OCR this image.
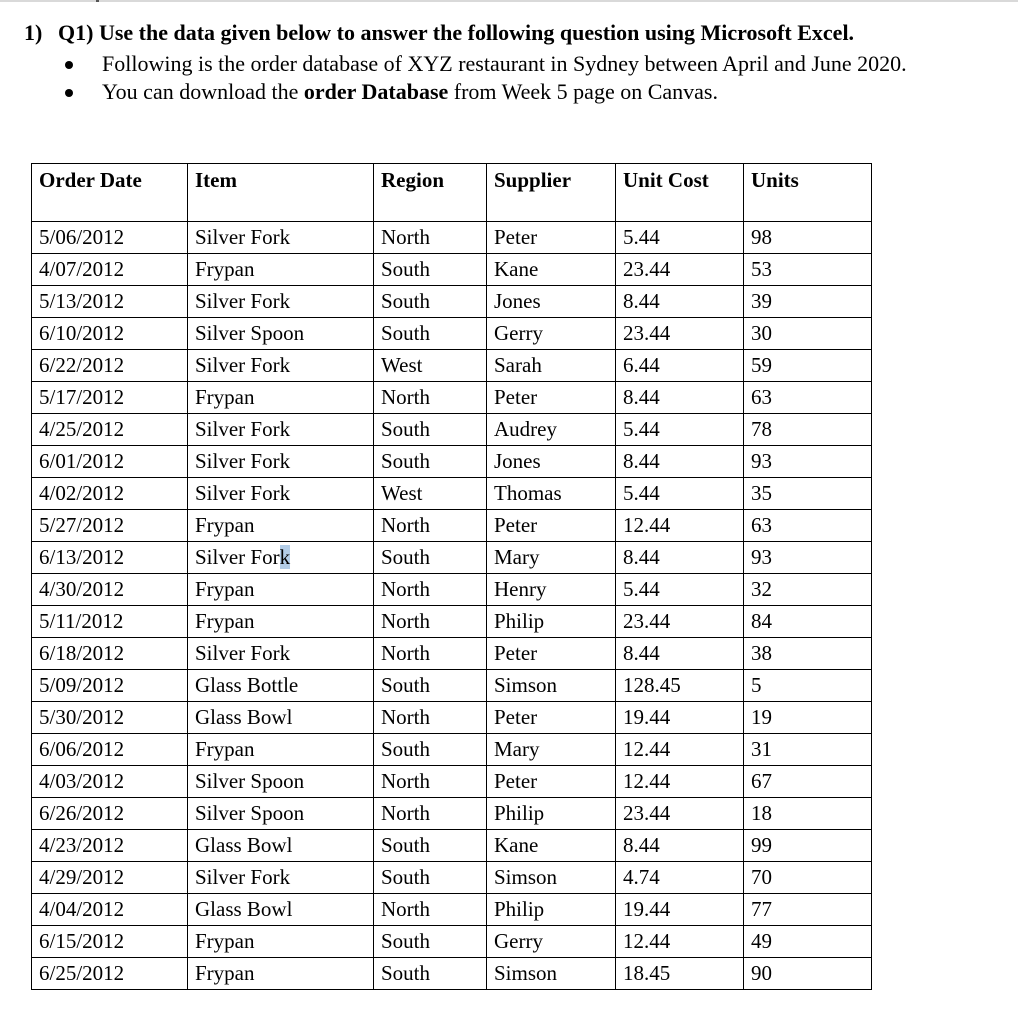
1) Q1) Use the data given below to answer the following question using Microsoft Excel.
Following is the order database of XYZ restaurant in Sydney between April and June 2020.
You can download the order Database from Week 5 page on Canvas.
Order Date	Item	Region	Supplier	Unit Cost	Units
5/06/2012	Silver Fork	North	Peter	5.44	98
4/07/2012	Frypan	South	Kane	23.44	53
5/13/2012	Silver Fork	South	Jones	8.44	39
6/10/2012	Silver Spoon	South	Gerry	23.44	30
6/22/2012	Silver Fork	West	Sarah	6.44	59
5/17/2012	Frypan	North	Peter	8.44	63
4/25/2012	Silver Fork	South	Audrey	5.44	78
6/01/2012	Silver Fork	South	Jones	8.44	93
4/02/2012	Silver Fork	West	Thomas	5.44	35
5/27/2012	Frypan	North	Peter	12.44	63
6/13/2012	Silver Fork	South	Mary	8.44	93
4/30/2012	Frypan	North	Henry	5.44	32
5/11/2012	Frypan	North	Philip	23.44	84
6/18/2012	Silver Fork	North	Peter	8.44	38
5/09/2012	Glass Bottle	South	Simson	128.45	5
5/30/2012	Glass Bowl	North	Peter	19.44	19
6/06/2012	Frypan	South	Mary	12.44	31
4/03/2012	Silver Spoon	North	Peter	12.44	67
6/26/2012	Silver Spoon	North	Philip	23.44	18
4/23/2012	Glass Bowl	South	Kane	8.44	99
4/29/2012	Silver Fork	South	Simson	4.74	70
4/04/2012	Glass Bowl	North	Philip	19.44	77
6/15/2012	Frypan	South	Gerry	12.44	49
6/25/2012	Frypan	South	Simson	18.45	90
